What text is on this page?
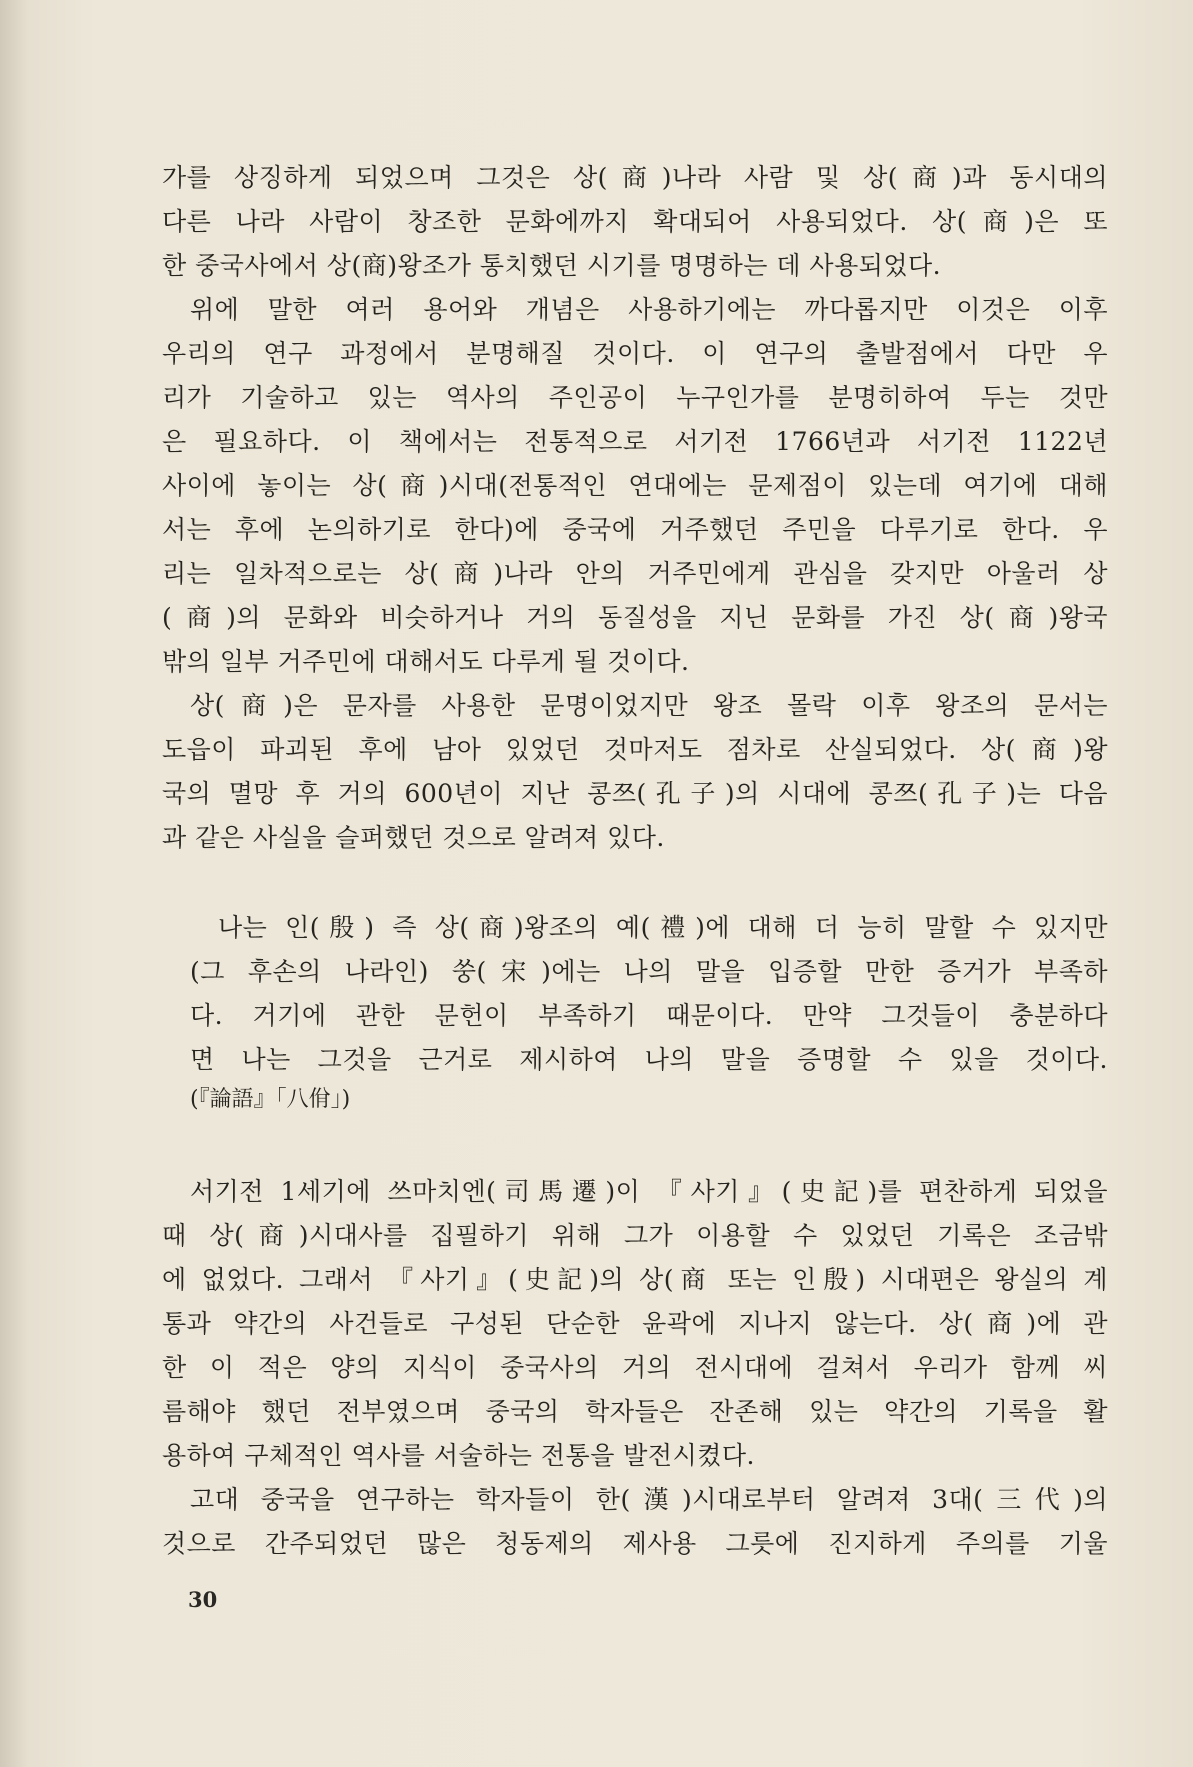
가를 상징하게 되었으며 그것은 상(商)나라 사람 및 상(商)과 동시대의
다른 나라 사람이 창조한 문화에까지 확대되어 사용되었다. 상(商)은 또
한 중국사에서 상(商)왕조가 통치했던 시기를 명명하는 데 사용되었다.
위에 말한 여러 용어와 개념은 사용하기에는 까다롭지만 이것은 이후
우리의 연구 과정에서 분명해질 것이다. 이 연구의 출발점에서 다만 우
리가 기술하고 있는 역사의 주인공이 누구인가를 분명히하여 두는 것만
은 필요하다. 이 책에서는 전통적으로 서기전 1766년과 서기전 1122년
사이에 놓이는 상(商)시대(전통적인 연대에는 문제점이 있는데 여기에 대해
서는 후에 논의하기로 한다)에 중국에 거주했던 주민을 다루기로 한다. 우
리는 일차적으로는 상(商)나라 안의 거주민에게 관심을 갖지만 아울러 상
(商)의 문화와 비슷하거나 거의 동질성을 지닌 문화를 가진 상(商)왕국
밖의 일부 거주민에 대해서도 다루게 될 것이다.
상(商)은 문자를 사용한 문명이었지만 왕조 몰락 이후 왕조의 문서는
도읍이 파괴된 후에 남아 있었던 것마저도 점차로 산실되었다. 상(商)왕
국의 멸망 후 거의 600년이 지난 콩쯔(孔子)의 시대에 콩쯔(孔子)는 다음
과 같은 사실을 슬퍼했던 것으로 알려져 있다.
나는 인(殷) 즉 상(商)왕조의 예(禮)에 대해 더 능히 말할 수 있지만
(그 후손의 나라인) 쑹(宋)에는 나의 말을 입증할 만한 증거가 부족하
다. 거기에 관한 문헌이 부족하기 때문이다. 만약 그것들이 충분하다
면 나는 그것을 근거로 제시하여 나의 말을 증명할 수 있을 것이다.
(『論語』「八佾」)
서기전 1세기에 쓰마치엔(司馬遷)이 『사기』(史記)를 편찬하게 되었을
때 상(商)시대사를 집필하기 위해 그가 이용할 수 있었던 기록은 조금밖
에 없었다. 그래서 『사기』(史記)의 상(商 또는 인殷) 시대편은 왕실의 계
통과 약간의 사건들로 구성된 단순한 윤곽에 지나지 않는다. 상(商)에 관
한 이 적은 양의 지식이 중국사의 거의 전시대에 걸쳐서 우리가 함께 씨
름해야 했던 전부였으며 중국의 학자들은 잔존해 있는 약간의 기록을 활
용하여 구체적인 역사를 서술하는 전통을 발전시켰다.
고대 중국을 연구하는 학자들이 한(漢)시대로부터 알려져 3대(三代)의
것으로 간주되었던 많은 청동제의 제사용 그릇에 진지하게 주의를 기울
30
